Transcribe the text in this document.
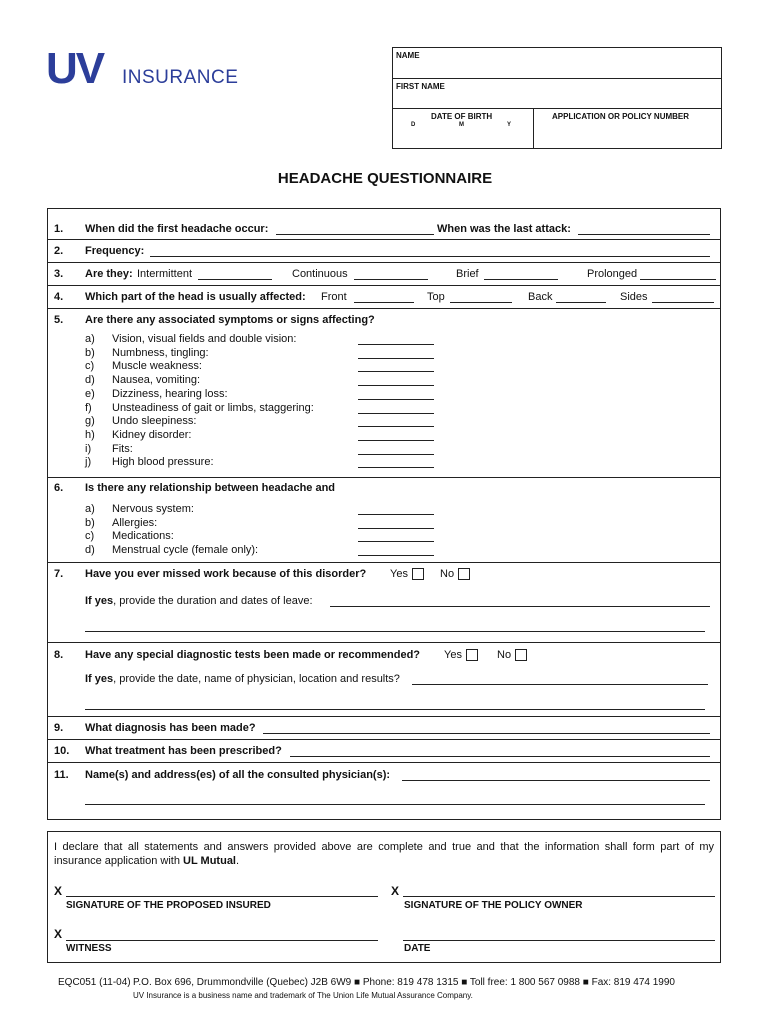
UV INSURANCE
NAME
FIRST NAME
DATE OF BIRTH
D	M	Y
APPLICATION OR POLICY NUMBER
HEADACHE QUESTIONNAIRE
1. When did the first headache occur:	When was the last attack:
2. Frequency:
3. Are they: Intermittent	Continuous	Brief	Prolonged
4. Which part of the head is usually affected: Front	Top	Back	Sides
5. Are there any associated symptoms or signs affecting?
a) Vision, visual fields and double vision:
b) Numbness, tingling:
c) Muscle weakness:
d) Nausea, vomiting:
e) Dizziness, hearing loss:
f) Unsteadiness of gait or limbs, staggering:
g) Undo sleepiness:
h) Kidney disorder:
i) Fits:
j) High blood pressure:
6. Is there any relationship between headache and
a) Nervous system:
b) Allergies:
c) Medications:
d) Menstrual cycle (female only):
7. Have you ever missed work because of this disorder? Yes	No
If yes, provide the duration and dates of leave:
8. Have any special diagnostic tests been made or recommended? Yes	No
If yes, provide the date, name of physician, location and results?
9. What diagnosis has been made?
10. What treatment has been prescribed?
11. Name(s) and address(es) of all the consulted physician(s):
I declare that all statements and answers provided above are complete and true and that the information shall form part of my insurance application with UL Mutual.
X
SIGNATURE OF THE PROPOSED INSURED
X
SIGNATURE OF THE POLICY OWNER
X
WITNESS	DATE
EQC051 (11-04) P.O. Box 696, Drummondville (Quebec) J2B 6W9 ■ Phone: 819 478 1315 ■ Toll free: 1 800 567 0988 ■ Fax: 819 474 1990
UV Insurance is a business name and trademark of The Union Life Mutual Assurance Company.
